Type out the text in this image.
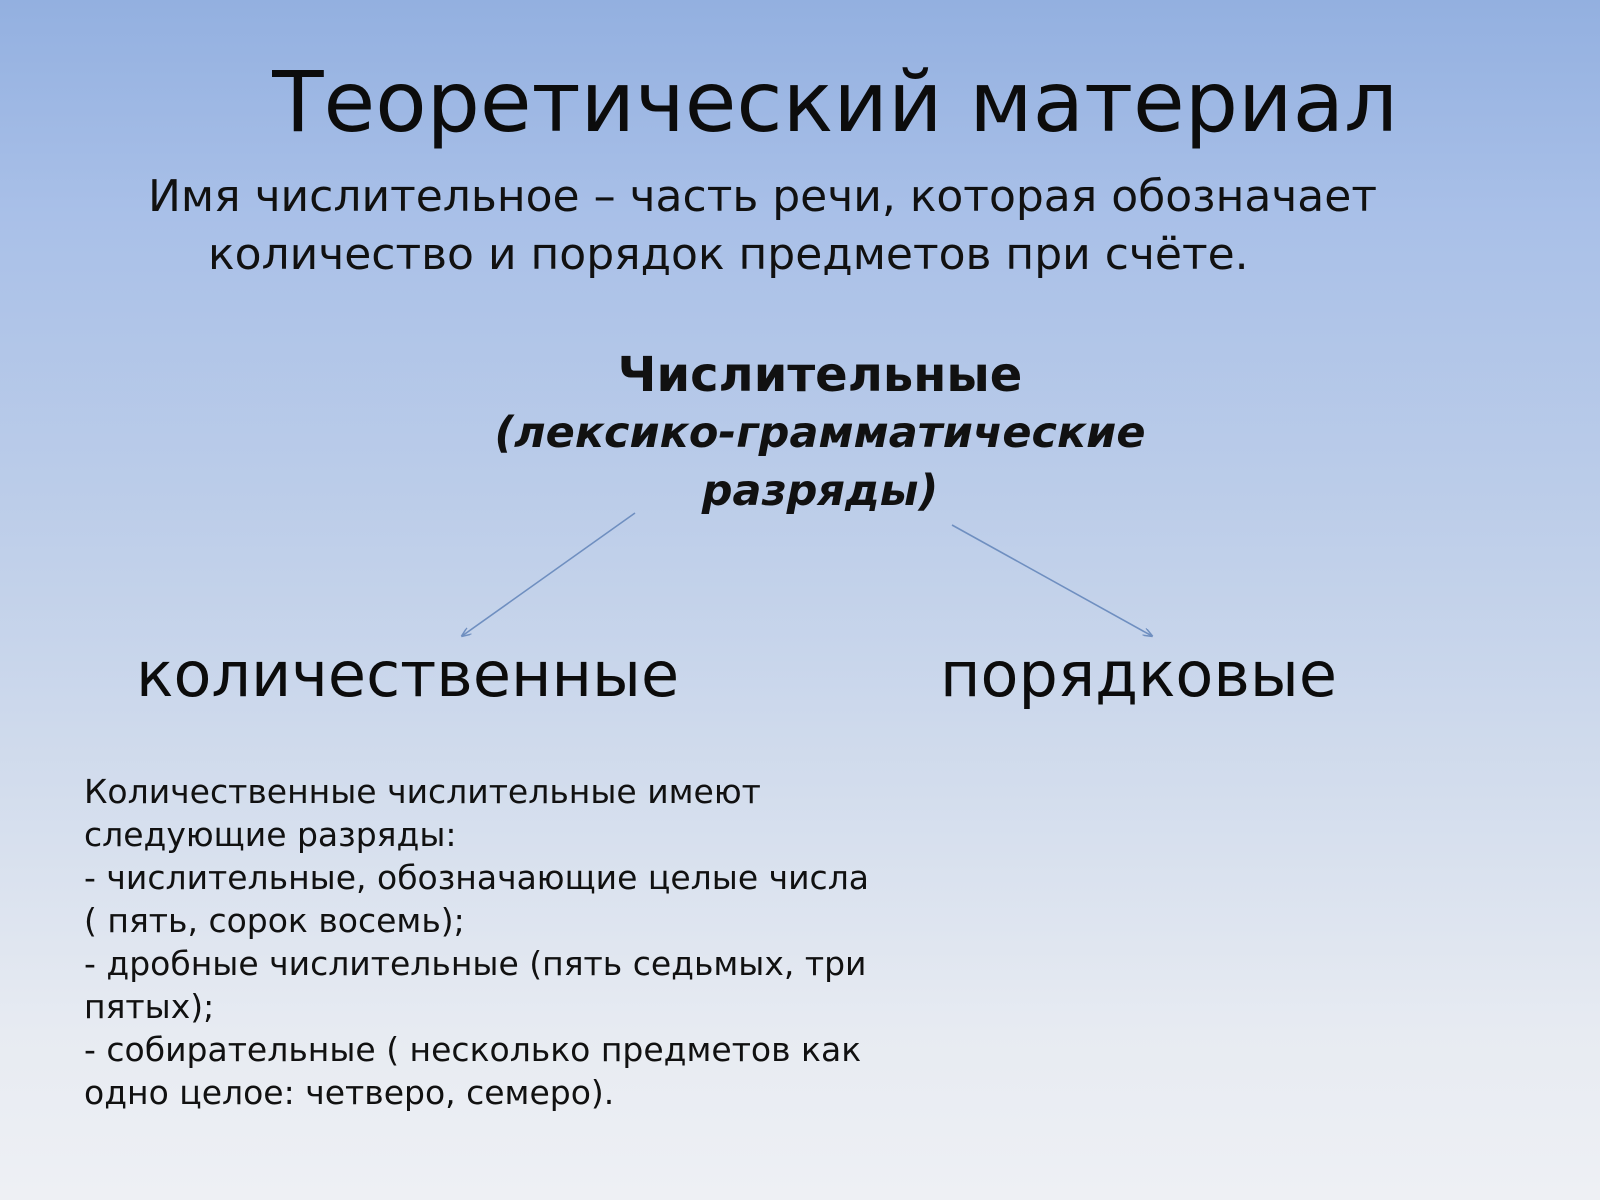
Теоретический материал
Имя числительное – часть речи, которая обозначает
количество и порядок предметов при счёте.
Числительные
(лексико-грамматические разряды)
количественные	порядковые
Количественные числительные имеют следующие разряды:
- числительные, обозначающие целые числа ( пять, сорок восемь);
- дробные числительные (пять седьмых, три пятых);
- собирательные ( несколько предметов как одно целое: четверо, семеро).
